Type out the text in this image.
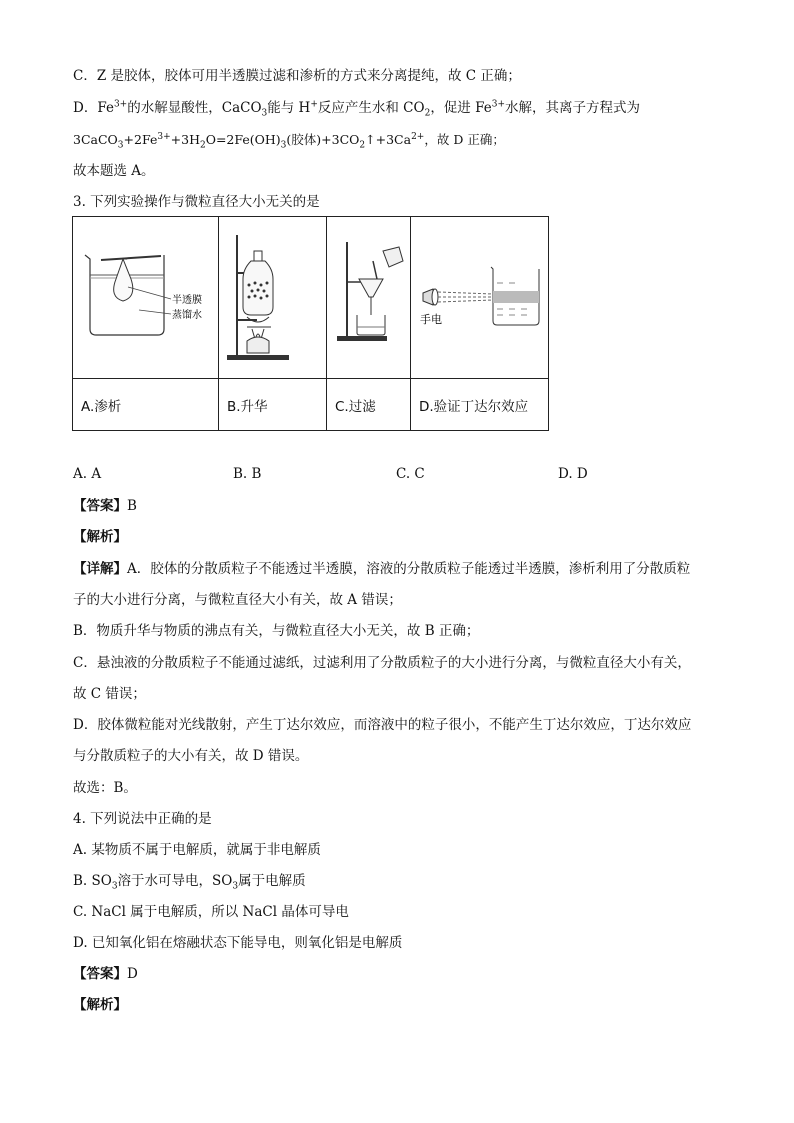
C．Z 是胶体，胶体可用半透膜过滤和渗析的方式来分离提纯，故 C 正确；
D．$Fe^{3+}$的水解显酸性，CaCO$_3$能与 H+反应产生水和 $CO_2$，促进 $Fe^{3+}$水解，其离子方程式为
$3CaCO_3+2Fe^{3+}+3H_2O=2Fe(OH)_3$(胶体)$+3CO_2↑+3Ca^{2+}$，故 D 正确；
故本题选 A。
3. 下列实验操作与微粒直径大小无关的是
半透膜
蒸馏水			手电

A.渗析	B.升华	C.过滤	D.验证丁达尔效应
A. A	B. B	C. C	D. D
【答案】B
【解析】
【详解】A．胶体的分散质粒子不能透过半透膜，溶液的分散质粒子能透过半透膜，渗析利用了分散质粒
子的大小进行分离，与微粒直径大小有关，故 A 错误；
B．物质升华与物质的沸点有关，与微粒直径大小无关，故 B 正确；
C．悬浊液的分散质粒子不能通过滤纸，过滤利用了分散质粒子的大小进行分离，与微粒直径大小有关，
故 C 错误；
D．胶体微粒能对光线散射，产生丁达尔效应，而溶液中的粒子很小，不能产生丁达尔效应，丁达尔效应
与分散质粒子的大小有关，故 D 错误。
故选：B。
4. 下列说法中正确的是
A. 某物质不属于电解质，就属于非电解质
B. $SO_3$溶于水可导电，$SO_3$属于电解质
C. NaCl 属于电解质，所以 NaCl 晶体可导电
D. 已知氧化铝在熔融状态下能导电，则氧化铝是电解质
【答案】D
【解析】
